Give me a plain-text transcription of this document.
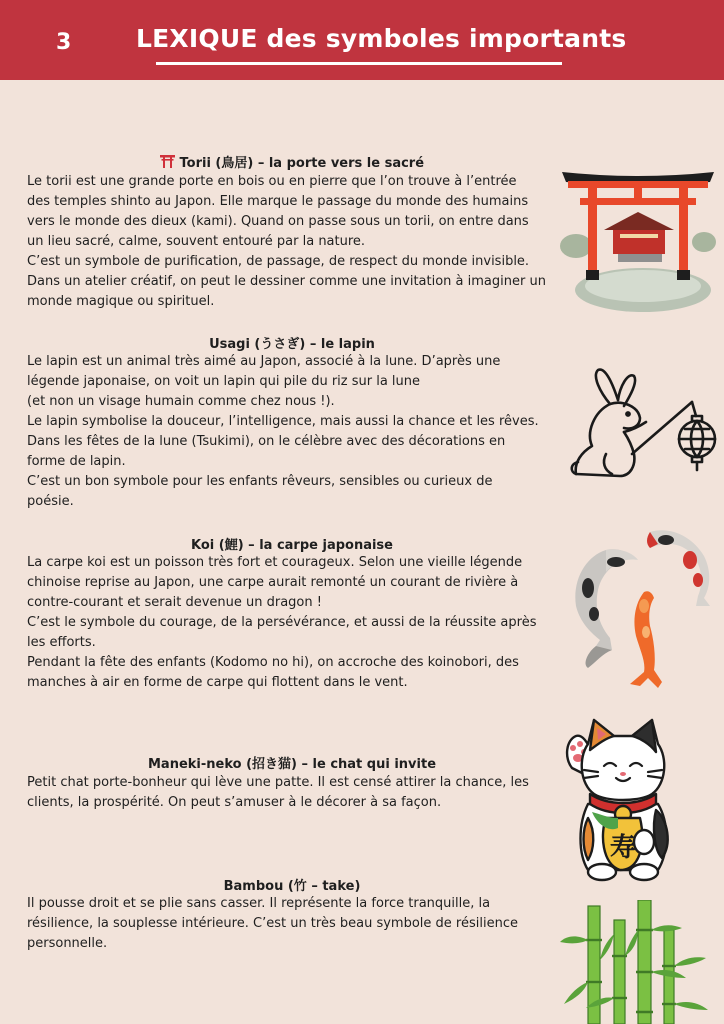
3	LEXIQUE des symboles importants
Torii (鳥居) – la porte vers le sacré
Le torii est une grande porte en bois ou en pierre que l’on trouve à l’entrée
des temples shinto au Japon. Elle marque le passage du monde des humains
vers le monde des dieux (kami). Quand on passe sous un torii, on entre dans
un lieu sacré, calme, souvent entouré par la nature.
C’est un symbole de purification, de passage, de respect du monde invisible.
Dans un atelier créatif, on peut le dessiner comme une invitation à imaginer un
monde magique ou spirituel.
Usagi (うさぎ) – le lapin
Le lapin est un animal très aimé au Japon, associé à la lune. D’après une
légende japonaise, on voit un lapin qui pile du riz sur la lune
(et non un visage humain comme chez nous !).
Le lapin symbolise la douceur, l’intelligence, mais aussi la chance et les rêves.
Dans les fêtes de la lune (Tsukimi), on le célèbre avec des décorations en
forme de lapin.
C’est un bon symbole pour les enfants rêveurs, sensibles ou curieux de
poésie.
Koi (鯉) – la carpe japonaise
La carpe koi est un poisson très fort et courageux. Selon une vieille légende
chinoise reprise au Japon, une carpe aurait remonté un courant de rivière à
contre-courant et serait devenue un dragon !
C’est le symbole du courage, de la persévérance, et aussi de la réussite après
les efforts.
Pendant la fête des enfants (Kodomo no hi), on accroche des koinobori, des
manches à air en forme de carpe qui flottent dans le vent.
Maneki-neko (招き猫) – le chat qui invite
Petit chat porte-bonheur qui lève une patte. Il est censé attirer la chance, les
clients, la prospérité. On peut s’amuser à le décorer à sa façon.
寿
Bambou (竹 – take)
Il pousse droit et se plie sans casser. Il représente la force tranquille, la
résilience, la souplesse intérieure. C’est un très beau symbole de résilience
personnelle.
